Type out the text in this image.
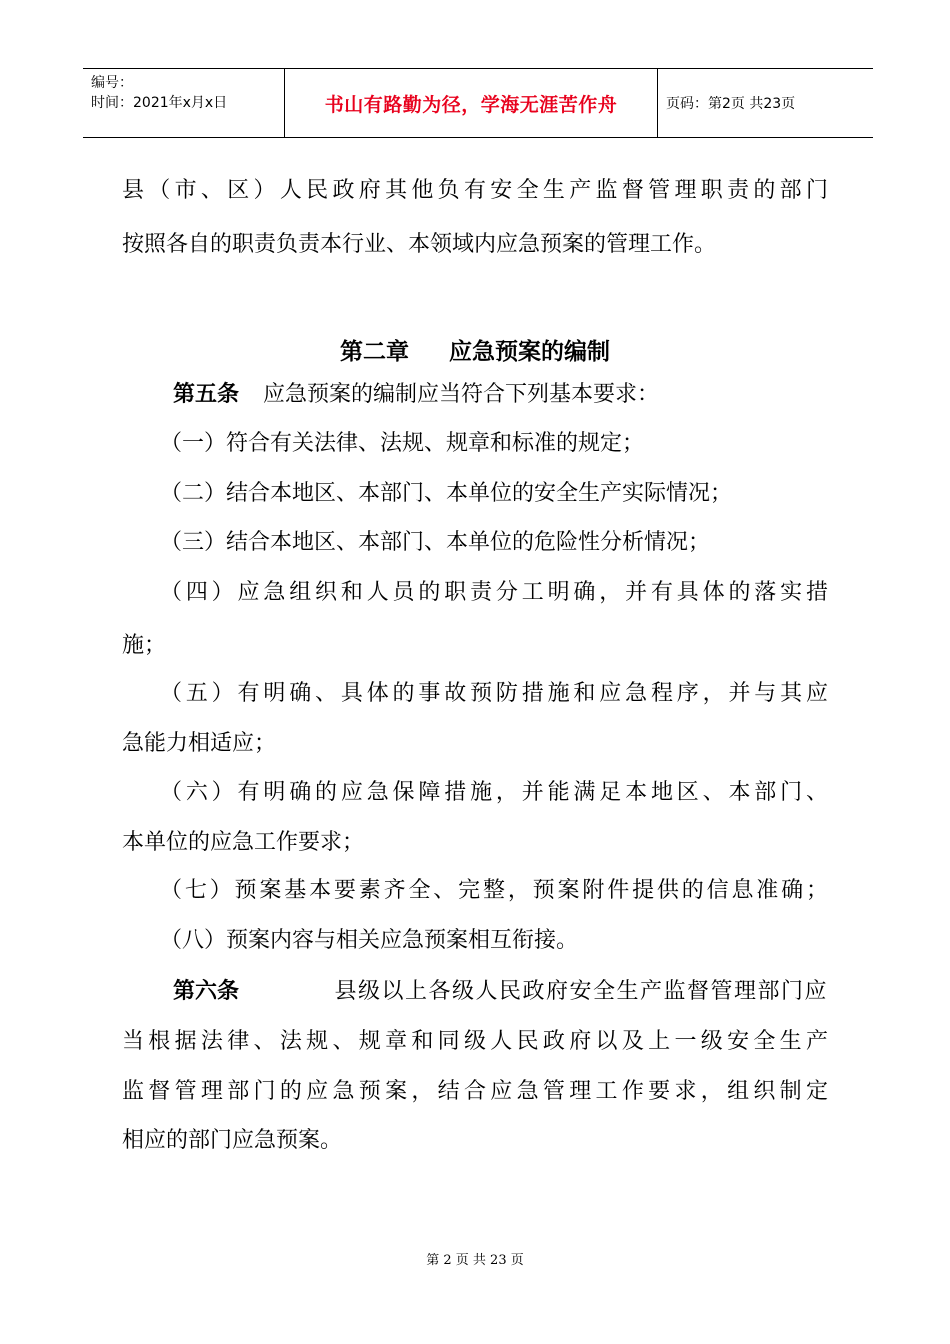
编号：
时间：2021年x月x日	书山有路勤为径，学海无涯苦作舟	页码：第2页 共23页
县（市、区）人民政府其他负有安全生产监督管理职责的部门
按照各自的职责负责本行业、本领域内应急预案的管理工作。
第二章 应急预案的编制
第五条 应急预案的编制应当符合下列基本要求：
（一）符合有关法律、法规、规章和标准的规定；
（二）结合本地区、本部门、本单位的安全生产实际情况；
（三）结合本地区、本部门、本单位的危险性分析情况；
（四）应急组织和人员的职责分工明确，并有具体的落实措
施；
（五）有明确、具体的事故预防措施和应急程序，并与其应
急能力相适应；
（六）有明确的应急保障措施，并能满足本地区、本部门、
本单位的应急工作要求；
（七）预案基本要素齐全、完整，预案附件提供的信息准确；
（八）预案内容与相关应急预案相互衔接。
第六条	县级以上各级人民政府安全生产监督管理部门应
当根据法律、法规、规章和同级人民政府以及上一级安全生产
监督管理部门的应急预案，结合应急管理工作要求，组织制定
相应的部门应急预案。
第 2 页 共 23 页
